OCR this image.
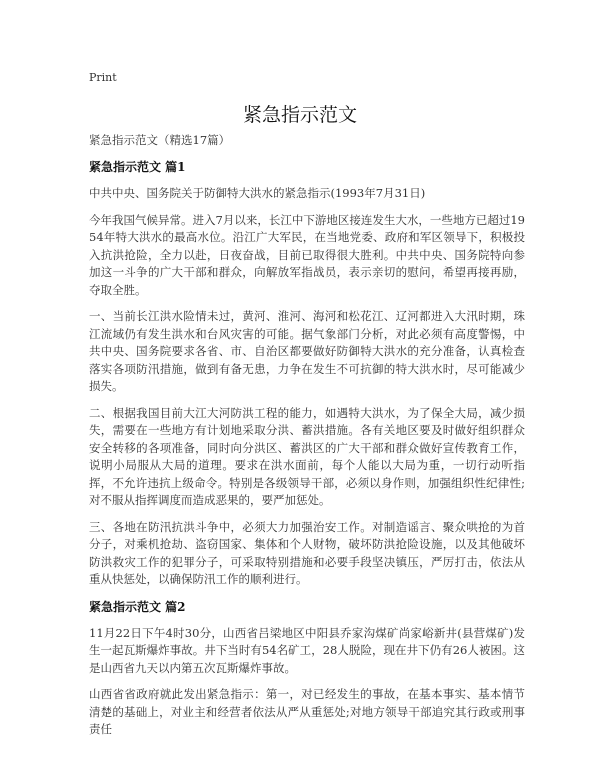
Print
紧急指示范文

紧急指示范文（精选17篇）

紧急指示范文 篇1

中共中央、国务院关于防御特大洪水的紧急指示(1993年7月31日)

今年我国气候异常。进入7月以来，长江中下游地区接连发生大水，一些地方已超过1954年特大洪水的最高水位。沿江广大军民，在当地党委、政府和军区领导下，积极投入抗洪抢险，全力以赴，日夜奋战，目前已取得很大胜利。中共中央、国务院特向参加这一斗争的广大干部和群众，向解放军指战员，表示亲切的慰问，希望再接再励，夺取全胜。

一、当前长江洪水险情未过，黄河、淮河、海河和松花江、辽河都进入大汛时期，珠江流域仍有发生洪水和台风灾害的可能。据气象部门分析，对此必须有高度警惕，中共中央、国务院要求各省、市、自治区都要做好防御特大洪水的充分准备，认真检查落实各项防汛措施，做到有备无患，力争在发生不可抗御的特大洪水时，尽可能减少损失。

二、根据我国目前大江大河防洪工程的能力，如遇特大洪水，为了保全大局，减少损失，需要在一些地方有计划地采取分洪、蓄洪措施。各有关地区要及时做好组织群众安全转移的各项准备，同时向分洪区、蓄洪区的广大干部和群众做好宣传教育工作，说明小局服从大局的道理。要求在洪水面前，每个人能以大局为重，一切行动听指挥，不允许违抗上级命令。特别是各级领导干部，必须以身作则，加强组织性纪律性;对不服从指挥调度而造成恶果的，要严加惩处。

三、各地在防汛抗洪斗争中，必须大力加强治安工作。对制造谣言、聚众哄抢的为首分子，对乘机抢劫、盗窃国家、集体和个人财物，破坏防洪抢险设施，以及其他破坏防洪救灾工作的犯罪分子，可采取特别措施和必要手段坚决镇压，严厉打击，依法从重从快惩处，以确保防汛工作的顺利进行。

紧急指示范文 篇2

11月22日下午4时30分，山西省吕梁地区中阳县乔家沟煤矿尚家峪新井(县营煤矿)发生一起瓦斯爆炸事故。井下当时有54名矿工，28人脱险，现在井下仍有26人被困。这是山西省九天以内第五次瓦斯爆炸事故。

山西省省政府就此发出紧急指示：第一，对已经发生的事故，在基本事实、基本情节清楚的基础上，对业主和经营者依法从严从重惩处;对地方领导干部追究其行政或刑事责任
